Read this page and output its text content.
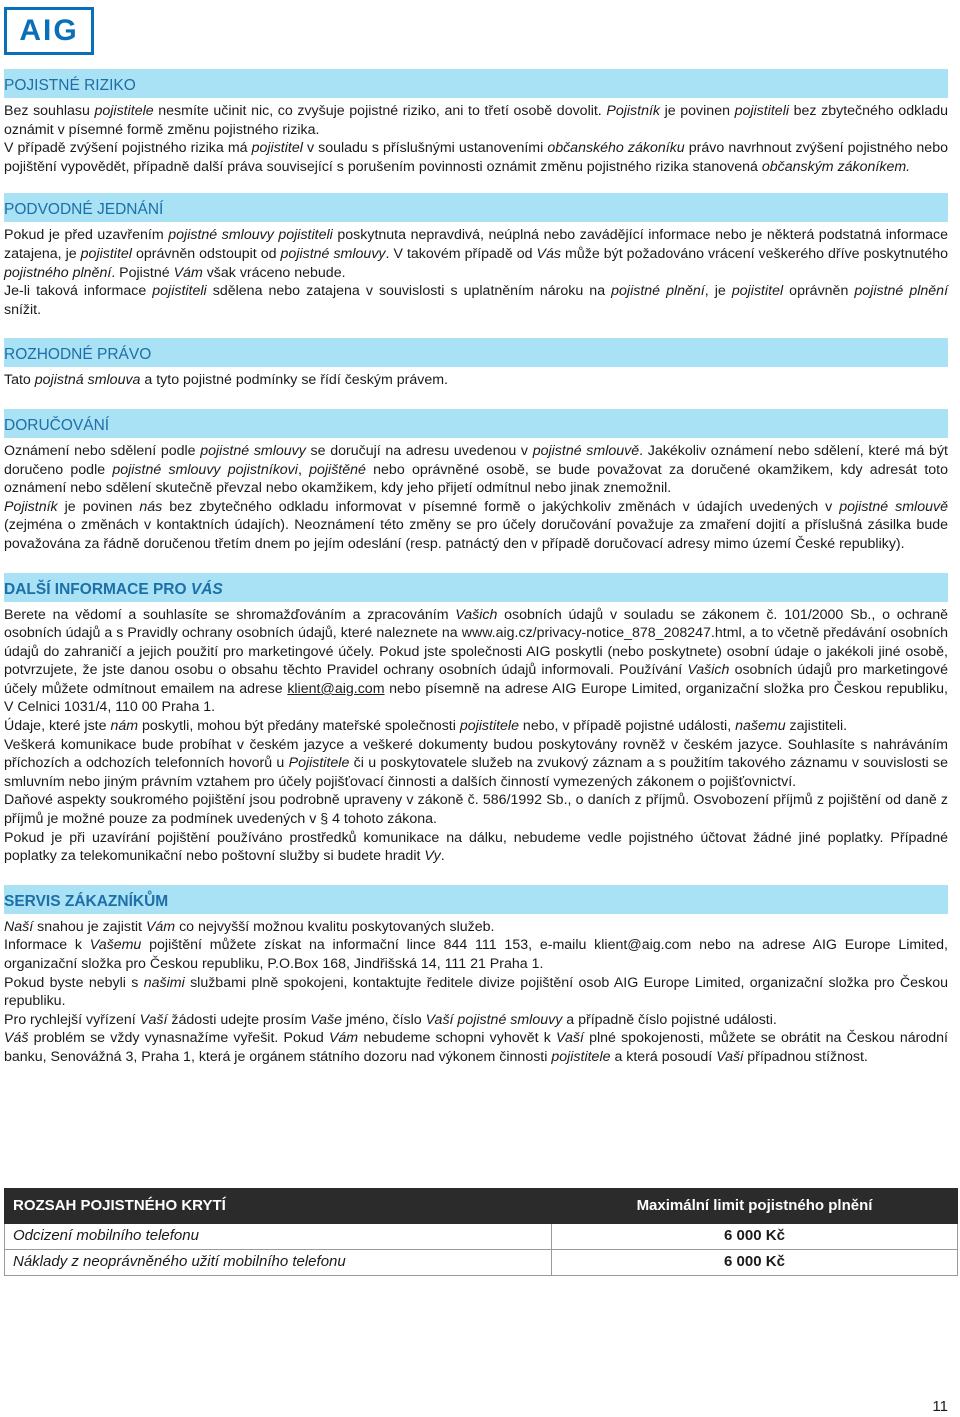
AIG
POJISTNÉ RIZIKO

Bez souhlasu pojistitele nesmíte učinit nic, co zvyšuje pojistné riziko, ani to třetí osobě dovolit. Pojistník je povinen pojistiteli bez zbytečného odkladu oznámit v písemné formě změnu pojistného rizika.

V případě zvýšení pojistného rizika má pojistitel v souladu s příslušnými ustanoveními občanského zákoníku právo navrhnout zvýšení pojistného nebo pojištění vypovědět, případně další práva související s porušením povinnosti oznámit změnu pojistného rizika stanovená občanským zákoníkem.

PODVODNÉ JEDNÁNÍ

Pokud je před uzavřením pojistné smlouvy pojistiteli poskytnuta nepravdivá, neúplná nebo zavádějící informace nebo je některá podstatná informace zatajena, je pojistitel oprávněn odstoupit od pojistné smlouvy. V takovém případě od Vás může být požadováno vrácení veškerého dříve poskytnutého pojistného plnění. Pojistné Vám však vráceno nebude.

Je-li taková informace pojistiteli sdělena nebo zatajena v souvislosti s uplatněním nároku na pojistné plnění, je pojistitel oprávněn pojistné plnění snížit.

ROZHODNÉ PRÁVO

Tato pojistná smlouva a tyto pojistné podmínky se řídí českým právem.

DORUČOVÁNÍ

Oznámení nebo sdělení podle pojistné smlouvy se doručují na adresu uvedenou v pojistné smlouvě. Jakékoliv oznámení nebo sdělení, které má být doručeno podle pojistné smlouvy pojistníkovi, pojištěné nebo oprávněné osobě, se bude považovat za doručené okamžikem, kdy adresát toto oznámení nebo sdělení skutečně převzal nebo okamžikem, kdy jeho přijetí odmítnul nebo jinak znemožnil.

Pojistník je povinen nás bez zbytečného odkladu informovat v písemné formě o jakýchkoliv změnách v údajích uvedených v pojistné smlouvě (zejména o změnách v kontaktních údajích). Neoznámení této změny se pro účely doručování považuje za zmaření dojití a příslušná zásilka bude považována za řádně doručenou třetím dnem po jejím odeslání (resp. patnáctý den v případě doručovací adresy mimo území České republiky).

DALŠÍ INFORMACE PRO VÁS

Berete na vědomí a souhlasíte se shromažďováním a zpracováním Vašich osobních údajů v souladu se zákonem č. 101/2000 Sb., o ochraně osobních údajů a s Pravidly ochrany osobních údajů, které naleznete na www.aig.cz/privacy-notice_878_208247.html, a to včetně předávání osobních údajů do zahraničí a jejich použití pro marketingové účely. Pokud jste společnosti AIG poskytli (nebo poskytnete) osobní údaje o jakékoli jiné osobě, potvrzujete, že jste danou osobu o obsahu těchto Pravidel ochrany osobních údajů informovali. Používání Vašich osobních údajů pro marketingové účely můžete odmítnout emailem na adrese klient@aig.com nebo písemně na adrese AIG Europe Limited, organizační složka pro Českou republiku, V Celnici 1031/4, 110 00 Praha 1.

Údaje, které jste nám poskytli, mohou být předány mateřské společnosti pojistitele nebo, v případě pojistné události, našemu zajistiteli.

Veškerá komunikace bude probíhat v českém jazyce a veškeré dokumenty budou poskytovány rovněž v českém jazyce. Souhlasíte s nahráváním příchozích a odchozích telefonních hovorů u Pojistitele či u poskytovatele služeb na zvukový záznam a s použitím takového záznamu v souvislosti se smluvním nebo jiným právním vztahem pro účely pojišťovací činnosti a dalších činností vymezených zákonem o pojišťovnictví.

Daňové aspekty soukromého pojištění jsou podrobně upraveny v zákoně č. 586/1992 Sb., o daních z příjmů. Osvobození příjmů z pojištění od daně z příjmů je možné pouze za podmínek uvedených v § 4 tohoto zákona.

Pokud je při uzavírání pojištění používáno prostředků komunikace na dálku, nebudeme vedle pojistného účtovat žádné jiné poplatky. Případné poplatky za telekomunikační nebo poštovní služby si budete hradit Vy.

SERVIS ZÁKAZNÍKŮM

Naší snahou je zajistit Vám co nejvyšší možnou kvalitu poskytovaných služeb.

Informace k Vašemu pojištění můžete získat na informační lince 844 111 153, e-mailu klient@aig.com nebo na adrese AIG Europe Limited, organizační složka pro Českou republiku, P.O.Box 168, Jindřišská 14, 111 21 Praha 1.

Pokud byste nebyli s našimi službami plně spokojeni, kontaktujte ředitele divize pojištění osob AIG Europe Limited, organizační složka pro Českou republiku.

Pro rychlejší vyřízení Vaší žádosti udejte prosím Vaše jméno, číslo Vaší pojistné smlouvy a případně číslo pojistné události.

Váš problém se vždy vynasnažíme vyřešit. Pokud Vám nebudeme schopni vyhovět k Vaší plné spokojenosti, můžete se obrátit na Českou národní banku, Senovážná 3, Praha 1, která je orgánem státního dozoru nad výkonem činnosti pojistitele a která posoudí Vaši případnou stížnost.

ROZSAH POJISTNÉHO KRYTÍ	Maximální limit pojistného plnění
Odcizení mobilního telefonu	6 000 Kč
Náklady z neoprávněného užití mobilního telefonu	6 000 Kč
11
